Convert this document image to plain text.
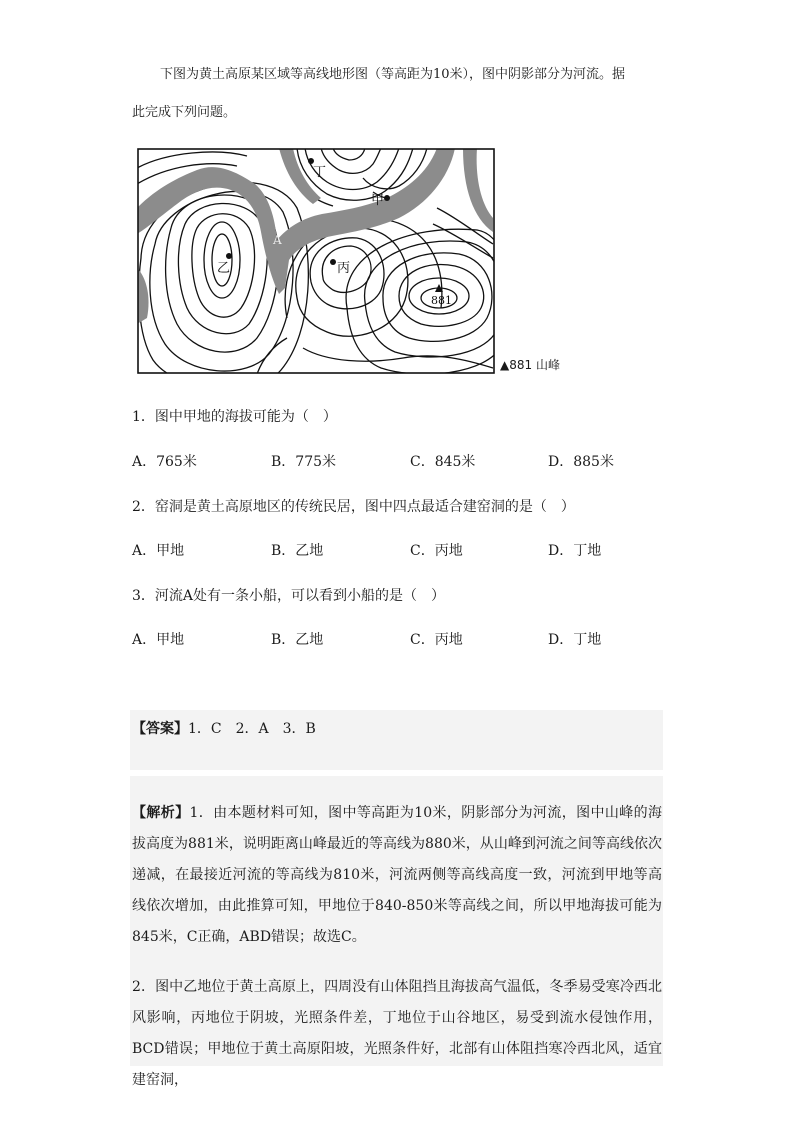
下图为黄土高原某区域等高线地形图（等高距为10米），图中阴影部分为河流。据
此完成下列问题。
丁
甲
乙	丙
A
881
▲881 山峰
1．图中甲地的海拔可能为（　）
A．765米	B．775米	C．845米	D．885米
2．窑洞是黄土高原地区的传统民居，图中四点最适合建窑洞的是（　）
A．甲地	B．乙地	C．丙地	D．丁地
3．河流A处有一条小船，可以看到小船的是（　）
A．甲地	B．乙地	C．丙地	D．丁地
【答案】1．C　2．A　3．B

【解析】1．由本题材料可知，图中等高距为10米，阴影部分为河流，图中山峰的海拔高度为881米，说明距离山峰最近的等高线为880米，从山峰到河流之间等高线依次递减，在最接近河流的等高线为810米，河流两侧等高线高度一致，河流到甲地等高线依次增加，由此推算可知，甲地位于840-850米等高线之间，所以甲地海拔可能为845米，C正确，ABD错误；故选C。

2．图中乙地位于黄土高原上，四周没有山体阻挡且海拔高气温低，冬季易受寒冷西北风影响，丙地位于阴坡，光照条件差，丁地位于山谷地区，易受到流水侵蚀作用，BCD错误；甲地位于黄土高原阳坡，光照条件好，北部有山体阻挡寒冷西北风，适宜建窑洞，
